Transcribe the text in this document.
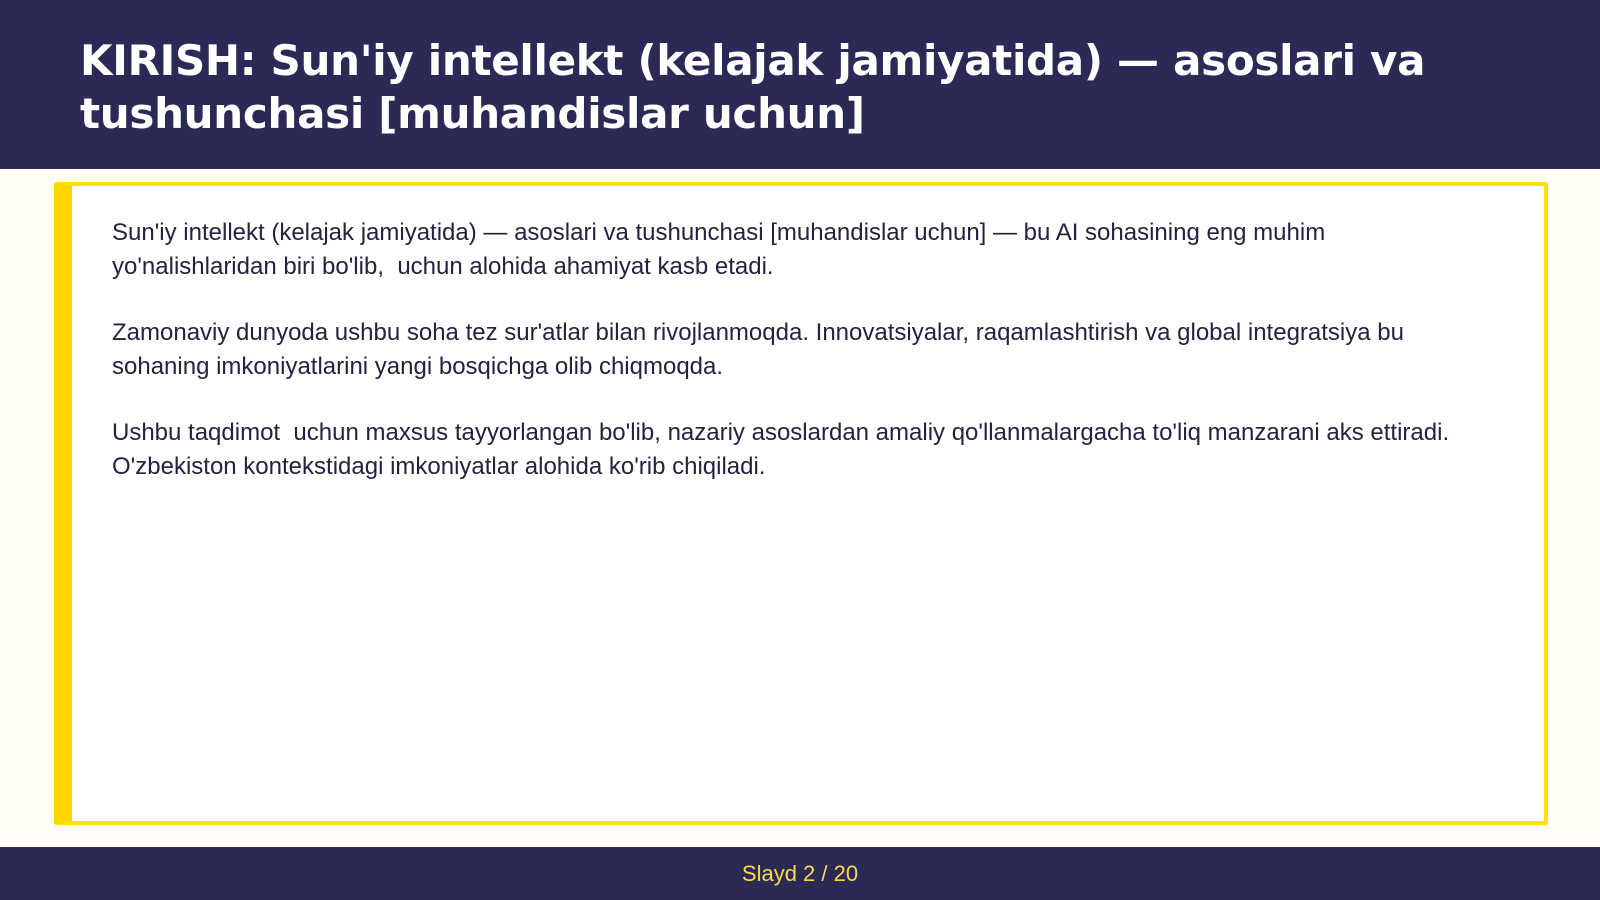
KIRISH: Sun'iy intellekt (kelajak jamiyatida) — asoslari va tushunchasi [muhandislar uchun]

Sun'iy intellekt (kelajak jamiyatida) — asoslari va tushunchasi [muhandislar uchun] — bu AI sohasining eng muhim yo'nalishlaridan biri bo'lib,  uchun alohida ahamiyat kasb etadi.

Zamonaviy dunyoda ushbu soha tez sur'atlar bilan rivojlanmoqda. Innovatsiyalar, raqamlashtirish va global integratsiya bu sohaning imkoniyatlarini yangi bosqichga olib chiqmoqda.

Ushbu taqdimot  uchun maxsus tayyorlangan bo'lib, nazariy asoslardan amaliy qo'llanmalargacha to'liq manzarani aks ettiradi. O'zbekiston kontekstidagi imkoniyatlar alohida ko'rib chiqiladi.

Slayd 2 / 20
